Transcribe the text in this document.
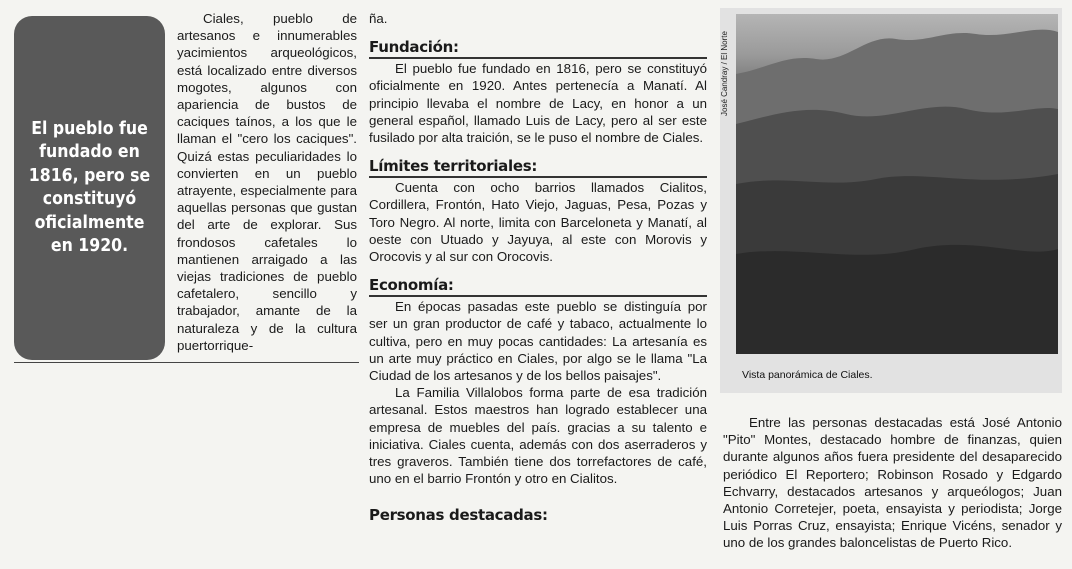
El pueblo fue fundado en 1816, pero se constituyó oficialmente en 1920.

Ciales, pueblo de artesanos e innumerables yacimientos arqueológicos, está localizado entre diversos mogotes, algunos con apariencia de bustos de caciques taínos, a los que le llaman el "cero los caciques". Quizá estas peculiaridades lo convierten en un pueblo atrayente, especialmente para aquellas personas que gustan del arte de explorar. Sus frondosos cafetales lo mantienen arraigado a las viejas tradiciones de pueblo cafetalero, sencillo y trabajador, amante de la naturaleza y de la cultura puertorrique-

ña.

Fundación:

El pueblo fue fundado en 1816, pero se constituyó oficialmente en 1920. Antes pertenecía a Manatí. Al principio llevaba el nombre de Lacy, en honor a un general español, llamado Luis de Lacy, pero al ser este fusilado por alta traición, se le puso el nombre de Ciales.

Límites territoriales:

Cuenta con ocho barrios llamados Cialitos, Cordillera, Frontón, Hato Viejo, Jaguas, Pesa, Pozas y Toro Negro. Al norte, limita con Barceloneta y Manatí, al oeste con Utuado y Jayuya, al este con Morovis y Orocovis y al sur con Orocovis.

Economía:

En épocas pasadas este pueblo se distinguía por ser un gran productor de café y tabaco, actualmente lo cultiva, pero en muy pocas cantidades: La artesanía es un arte muy práctico en Ciales, por algo se le llama "La Ciudad de los artesanos y de los bellos paisajes".

La Familia Villalobos forma parte de esa tradición artesanal. Estos maestros han logrado establecer una empresa de muebles del país. gracias a su talento e iniciativa. Ciales cuenta, además con dos aserraderos y tres graveros. También tiene dos torrefactores de café, uno en el barrio Frontón y otro en Cialitos.

Personas destacadas:
José Candray / El Norte
Vista panorámica de Ciales.

Entre las personas destacadas está José Antonio "Pito" Montes, destacado hombre de finanzas, quien durante algunos años fuera presidente del desaparecido periódico El Reportero; Robinson Rosado y Edgardo Echvarry, destacados artesanos y arqueólogos; Juan Antonio Corretejer, poeta, ensayista y periodista; Jorge Luis Porras Cruz, ensayista; Enrique Vicéns, senador y uno de los grandes baloncelistas de Puerto Rico.
